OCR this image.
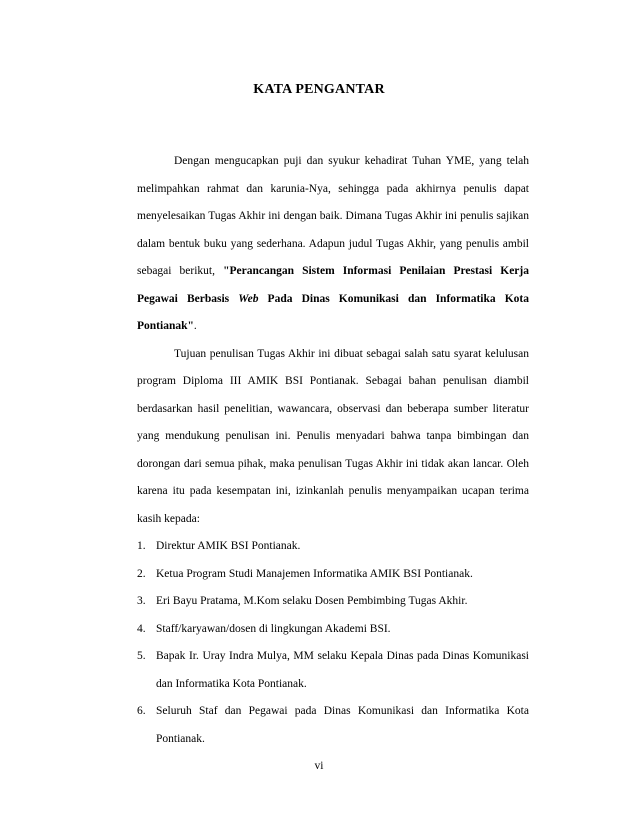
KATA PENGANTAR

Dengan mengucapkan puji dan syukur kehadirat Tuhan YME, yang telah melimpahkan rahmat dan karunia-Nya, sehingga pada akhirnya penulis dapat menyelesaikan Tugas Akhir ini dengan baik. Dimana Tugas Akhir ini penulis sajikan dalam bentuk buku yang sederhana. Adapun judul Tugas Akhir, yang penulis ambil sebagai berikut, "Perancangan Sistem Informasi Penilaian Prestasi Kerja Pegawai Berbasis Web Pada Dinas Komunikasi dan Informatika Kota Pontianak".

Tujuan penulisan Tugas Akhir ini dibuat sebagai salah satu syarat kelulusan program Diploma III AMIK BSI Pontianak. Sebagai bahan penulisan diambil berdasarkan hasil penelitian, wawancara, observasi dan beberapa sumber literatur yang mendukung penulisan ini. Penulis menyadari bahwa tanpa bimbingan dan dorongan dari semua pihak, maka penulisan Tugas Akhir ini tidak akan lancar. Oleh karena itu pada kesempatan ini, izinkanlah penulis menyampaikan ucapan terima kasih kepada:

1. Direktur AMIK BSI Pontianak.
2. Ketua Program Studi Manajemen Informatika AMIK BSI Pontianak.
3. Eri Bayu Pratama, M.Kom selaku Dosen Pembimbing Tugas Akhir.
4. Staff/karyawan/dosen di lingkungan Akademi BSI.
5. Bapak Ir. Uray Indra Mulya, MM selaku Kepala Dinas pada Dinas Komunikasi dan Informatika Kota Pontianak.
6. Seluruh Staf dan Pegawai pada Dinas Komunikasi dan Informatika Kota Pontianak.
vi
